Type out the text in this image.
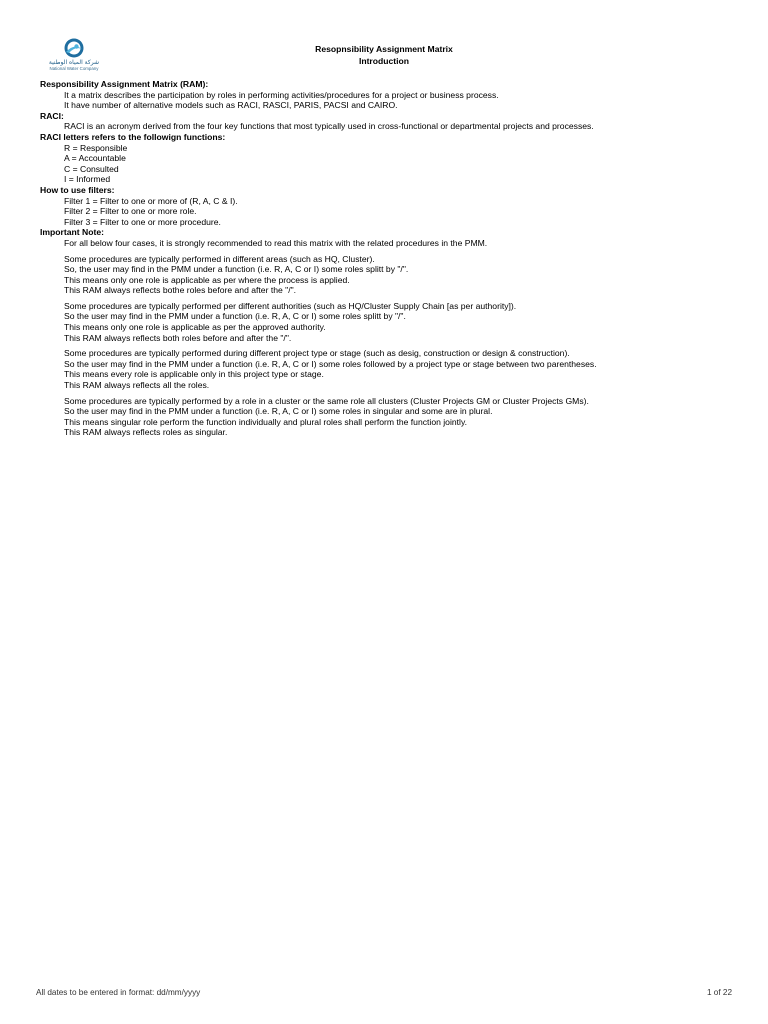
شركة المياه الوطنية
National Water Company
Resopnsibility Assignment Matrix
Introduction
Responsibility Assignment Matrix (RAM):
It a matrix describes the participation by roles in performing activities/procedures for a project or business process.
It have number of alternative models such as RACI, RASCI, PARIS, PACSI and CAIRO.
RACI:
RACI is an acronym derived from the four key functions that most typically used in cross-functional or departmental projects and processes.
RACI letters refers to the followign functions:
R = Responsible
A = Accountable
C = Consulted
I = Informed
How to use filters:
Filter 1 = Filter to one or more of (R, A, C & I).
Filter 2 = Filter to one or more role.
Filter 3 = Filter to one or more procedure.
Important Note:
For all below four cases, it is strongly recommended to read this matrix with the related procedures in the PMM.
Some procedures are typically performed in different areas (such as HQ, Cluster).
So, the user may find in the PMM under a function (i.e. R, A, C or I) some roles splitt by "/".
This means only one role is applicable as per where the process is applied.
This RAM always reflects bothe roles before and after the "/".
Some procedures are typically performed per different authorities (such as HQ/Cluster Supply Chain [as per authority]).
So the user may find in the PMM under a function (i.e. R, A, C or I) some roles splitt by "/".
This means only one role is applicable as per the approved authority.
This RAM always reflects both roles before and after the "/".
Some procedures are typically performed during different project type or stage (such as desig, construction or design & construction).
So the user may find in the PMM under a function (i.e. R, A, C or I) some roles followed by a project type or stage between two parentheses.
This means every role is applicable only in this project type or stage.
This RAM always reflects all the roles.
Some procedures are typically performed by a role in a cluster or the same role all clusters (Cluster Projects GM or Cluster Projects GMs).
So the user may find in the PMM under a function (i.e. R, A, C or I) some roles in singular and some are in plural.
This means singular role perform the function individually and plural roles shall perform the function jointly.
This RAM always reflects roles as singular.
All dates to be entered in format: dd/mm/yyyy	1 of 22
